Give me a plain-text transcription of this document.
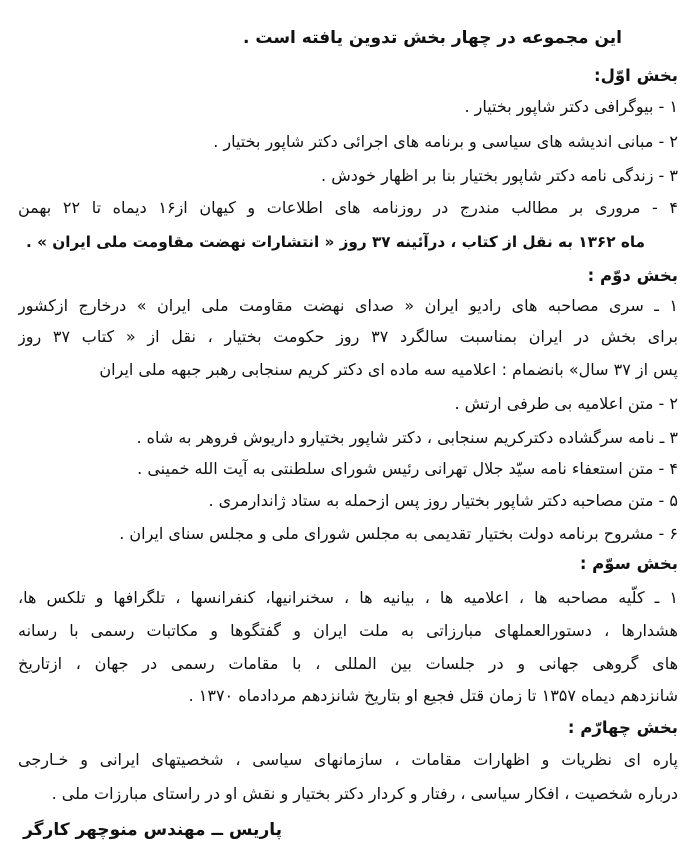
این مجموعه در چهار بخش تدوین یافته است .
بخش اوّل:
۱ - بیوگرافی دکتر شاپور بختیار .
۲ - مبانی اندیشه های سیاسی و برنامه های اجرائی دکتر شاپور بختیار .
۳ - زندگی نامه دکتر شاپور بختیار بنا بر اظهار خودش .
۴ - مروری بر مطالب مندرج در روزنامه های اطلاعات و کیهان از۱۶ دیماه تا ۲۲ بهمن
ماه ۱۳۶۲ به نقل از کتاب ، درآئینه ۳۷ روز « انتشارات نهضت مقاومت ملی ایران » .
بخش دوّم :
۱ ـ سری مصاحبه های رادیو ایران « صدای نهضت مقاومت ملی ایران » درخارج ازکشور
برای بخش در ایران بمناسبت سالگرد ۳۷ روز حکومت بختیار ، نقل از « کتاب ۳۷ روز
پس از ۳۷ سال» بانضمام : اعلامیه سه ماده ای دکتر کریم سنجابی رهبر جبهه ملی ایران
۲ - متن اعلامیه بی طرفی ارتش .
۳ ـ نامه سرگشاده دکترکریم سنجابی ، دکتر شاپور بختیارو داریوش فروهر به شاه .
۴ - متن استعفاء نامه سیّد جلال تهرانی رئیس شورای سلطنتی به آیت الله خمینی .
۵ - متن مصاحبه دکتر شاپور بختیار روز پس ازحمله به ستاد ژاندارمری .
۶ - مشروح برنامه دولت بختیار تقدیمی به مجلس شورای ملی و مجلس سنای ایران .
بخش سوّم :
۱ ـ کلّیه مصاحبه ها ، اعلامیه ها ، بیانیه ها ، سخنرانیها، کنفرانسها ، تلگرافها و تلکس ها،
هشدارها ، دستورالعملهای مبارزاتی به ملت ایران و گفتگوها و مکاتبات رسمی با رسانه
های گروهی جهانی و در جلسات بین المللی ، با مقامات رسمی در جهان ، ازتاریخ
شانزدهم دیماه ۱۳۵۷ تا زمان قتل فجیع او بتاریخ شانزدهم مردادماه ۱۳۷۰ .
بخش چهارّم :
پاره ای نظریات و اظهارات مقامات ، سازمانهای سیاسی ، شخصیتهای ایرانی و خـارجی
درباره شخصیت ، افکار سیاسی ، رفتار و کردار دکتر بختیار و نقش او در راستای مبارزات ملی .
پاریس ــ مهندس منوچهر کارگر
